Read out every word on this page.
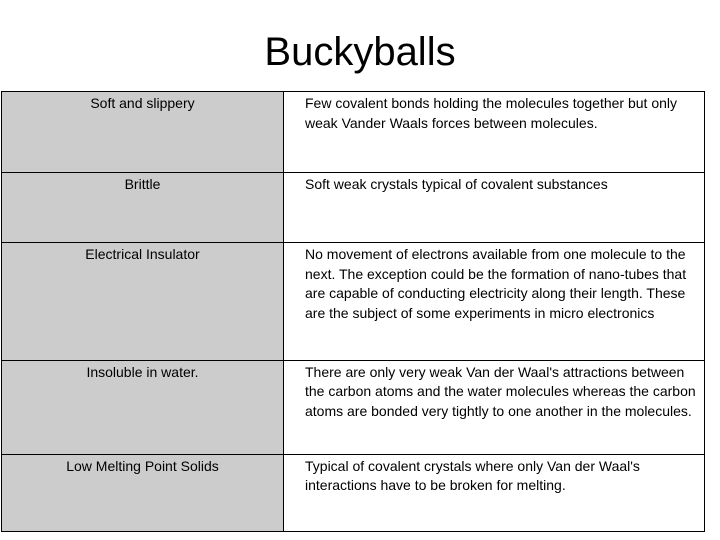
Buckyballs
Soft and slippery	Few covalent bonds holding the molecules together but only weak Vander Waals forces between molecules.
Brittle	Soft weak crystals typical of covalent substances
Electrical Insulator	No movement of electrons available from one molecule to the next. The exception could be the formation of nano-tubes that are capable of conducting electricity along their length. These are the subject of some experiments in micro electronics
Insoluble in water.	There are only very weak Van der Waal's attractions between the carbon atoms and the water molecules whereas the carbon atoms are bonded very tightly to one another in the molecules.
Low Melting Point Solids	Typical of covalent crystals where only Van der Waal's interactions have to be broken for melting.
